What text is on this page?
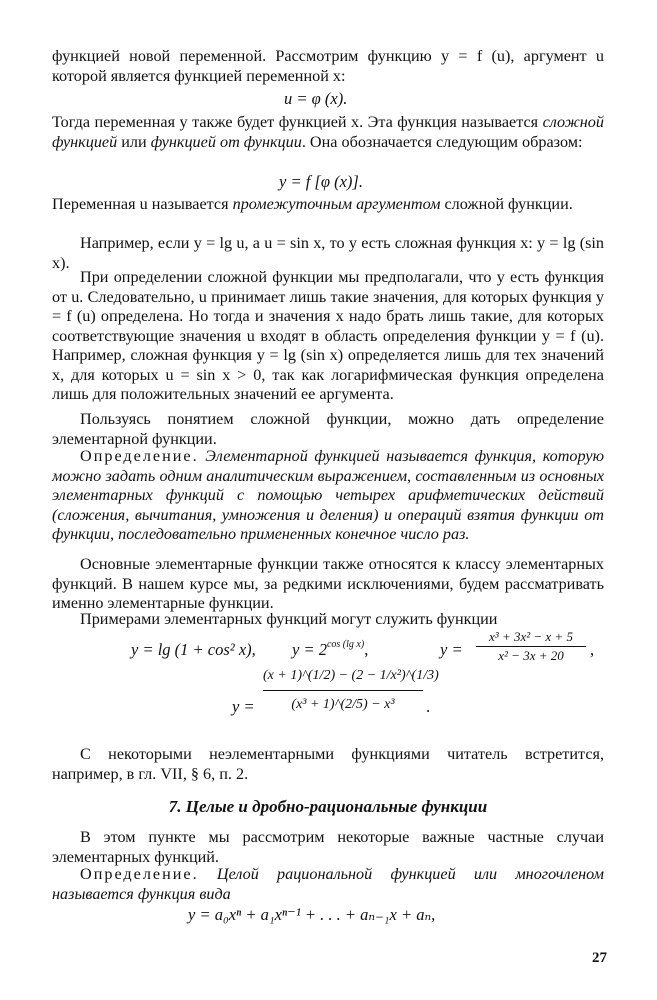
функцией новой переменной. Рассмотрим функцию y = f (u), аргумент u которой является функцией переменной x:
u = φ (x).
Тогда переменная y также будет функцией x. Эта функция называется сложной функцией или функцией от функции. Она обозначается следующим образом:
y = f [φ (x)].
Переменная u называется промежуточным аргументом сложной функции.
Например, если y = lg u, а u = sin x, то y есть сложная функция x: y = lg (sin x).
При определении сложной функции мы предполагали, что y есть функция от u. Следовательно, u принимает лишь такие значения, для которых функция y = f (u) определена. Но тогда и значения x надо брать лишь такие, для которых соответствующие значения u входят в область определения функции y = f (u). Например, сложная функция y = lg (sin x) определяется лишь для тех значений x, для которых u = sin x > 0, так как логарифмическая функция определена лишь для положительных значений ее аргумента.
Пользуясь понятием сложной функции, можно дать определение элементарной функции.
Определение. Элементарной функцией называется функция, которую можно задать одним аналитическим выражением, составленным из основных элементарных функций с помощью четырех арифметических действий (сложения, вычитания, умножения и деления) и операций взятия функции от функции, последовательно примененных конечное число раз.
Основные элементарные функции также относятся к классу элементарных функций. В нашем курсе мы, за редкими исключениями, будем рассматривать именно элементарные функции.
Примерами элементарных функций могут служить функции
y = lg (1 + cos² x), $y = 2^{cos (lg x)}$,	y =
x³ + 3x² − x + 5
x² − 3x + 20	,
y =
(x + 1)^(1/2) − (2 − 1/x²)^(1/3)
(x³ + 1)^(2/5) − x³	.
С некоторыми неэлементарными функциями читатель встретится, например, в гл. VII, § 6, п. 2.
7. Целые и дробно-рациональные функции
В этом пункте мы рассмотрим некоторые важные частные случаи элементарных функций.
Определение. Целой рациональной функцией или многочленом называется функция вида
y = a₀xⁿ + a₁xⁿ⁻¹ + . . . + aₙ₋₁x + aₙ,
27
